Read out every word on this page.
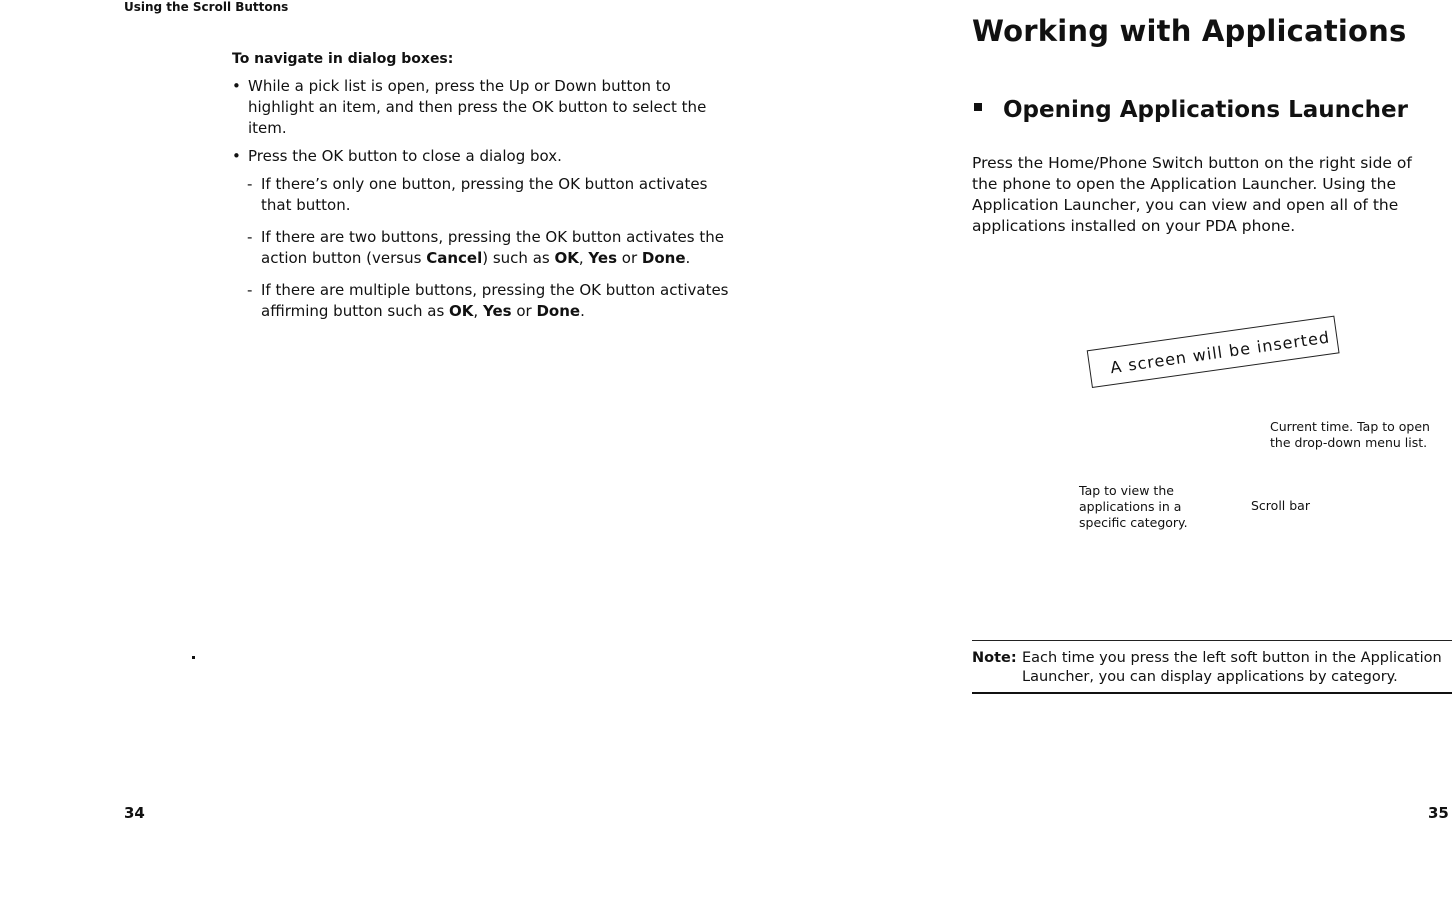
Using the Scroll Buttons
To navigate in dialog boxes:
• While a pick list is open, press the Up or Down button to highlight an item, and then press the OK button to select the item.
• Press the OK button to close a dialog box.
- If there’s only one button, pressing the OK button activates that button.
- If there are two buttons, pressing the OK button activates the action button (versus Cancel) such as OK, Yes or Done.
- If there are multiple buttons, pressing the OK button activates affirming button such as OK, Yes or Done.
34
Working with Applications
Opening Applications Launcher
Press the Home/Phone Switch button on the right side of the phone to open the Application Launcher. Using the Application Launcher, you can view and open all of the applications installed on your PDA phone.
A screen will be inserted
Current time. Tap to open the drop-down menu list.
Tap to view the applications in a specific category.
Scroll bar
Note: Each time you press the left soft button in the Application Launcher, you can display applications by category.
35
